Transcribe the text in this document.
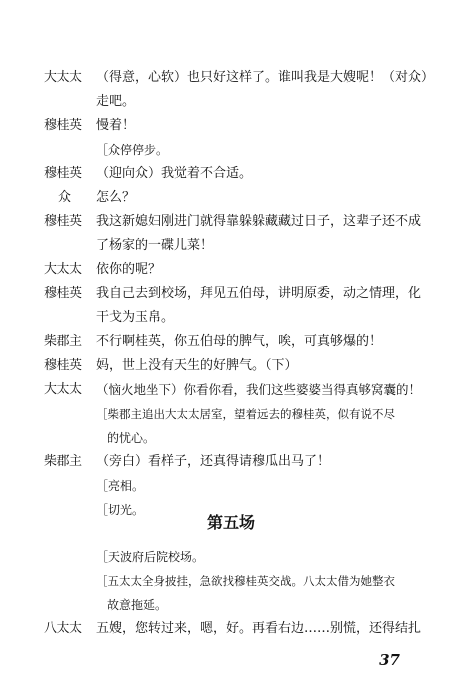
大太太	（得意，心软）也只好这样了。谁叫我是大嫂呢！（对众）
走吧。
穆桂英	慢着！
［众停停步。
穆桂英	（迎向众）我觉着不合适。
众	怎么？
穆桂英	我这新媳妇刚进门就得靠躲躲藏藏过日子，这辈子还不成
了杨家的一碟儿菜！
大太太	依你的呢？
穆桂英	我自己去到校场，拜见五伯母，讲明原委，动之情理，化
干戈为玉帛。
柴郡主	不行啊桂英，你五伯母的脾气，唉，可真够爆的！
穆桂英	妈，世上没有天生的好脾气。（下）
大太太	（恼火地坐下）你看你看，我们这些婆婆当得真够窝囊的！
［柴郡主追出大太太居室，望着远去的穆桂英，似有说不尽
的忧心。
柴郡主	（旁白）看样子，还真得请穆瓜出马了！
［亮相。
［切光。
第五场
［天波府后院校场。
［五太太全身披挂，急欲找穆桂英交战。八太太借为她整衣
故意拖延。
八太太	五嫂，您转过来，嗯，好。再看右边……别慌，还得结扎
37
